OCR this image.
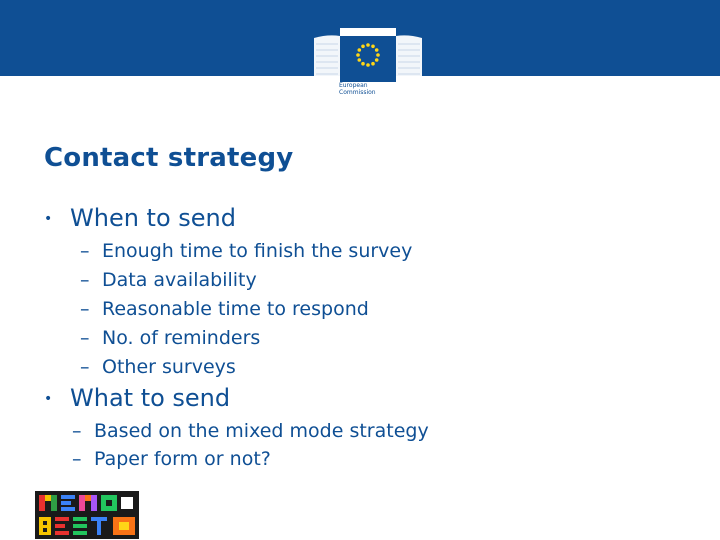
European
Commission
Contact strategy
• When to send
– Enough time to finish the survey
– Data availability
– Reasonable time to respond
– No. of reminders
– Other surveys
• What to send
– Based on the mixed mode strategy
– Paper form or not?
